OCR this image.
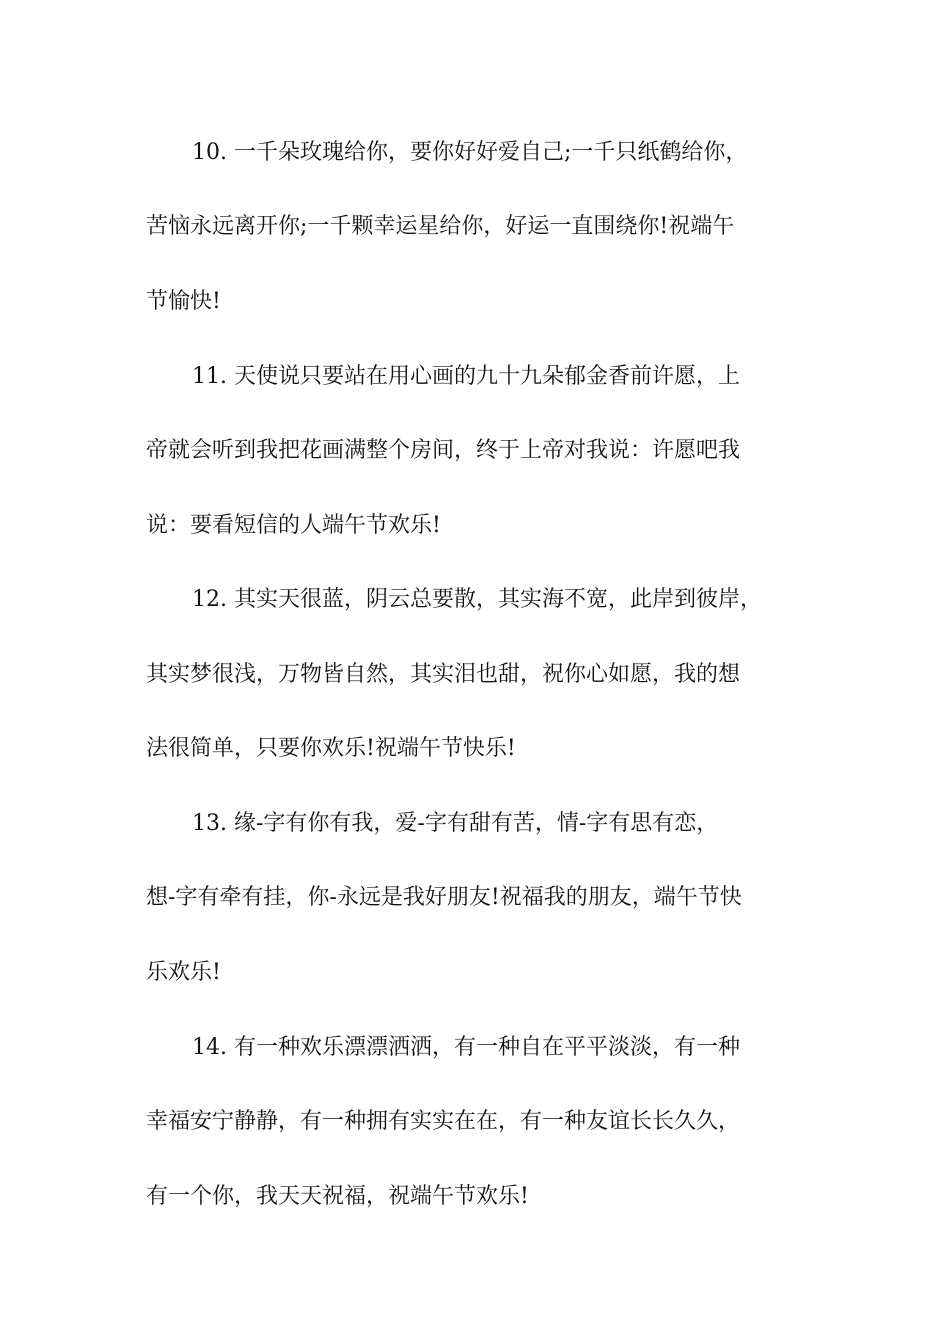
10. 一千朵玫瑰给你，要你好好爱自己;一千只纸鹤给你，

苦恼永远离开你;一千颗幸运星给你，好运一直围绕你!祝端午

节愉快!

11. 天使说只要站在用心画的九十九朵郁金香前许愿，上

帝就会听到我把花画满整个房间，终于上帝对我说：许愿吧我

说：要看短信的人端午节欢乐!

12. 其实天很蓝，阴云总要散，其实海不宽，此岸到彼岸，

其实梦很浅，万物皆自然，其实泪也甜，祝你心如愿，我的想

法很简单，只要你欢乐!祝端午节快乐!

13. 缘-字有你有我，爱-字有甜有苦，情-字有思有恋，

想-字有牵有挂，你-永远是我好朋友!祝福我的朋友，端午节快

乐欢乐!

14. 有一种欢乐漂漂洒洒，有一种自在平平淡淡，有一种

幸福安宁静静，有一种拥有实实在在，有一种友谊长长久久，

有一个你，我天天祝福，祝端午节欢乐!
